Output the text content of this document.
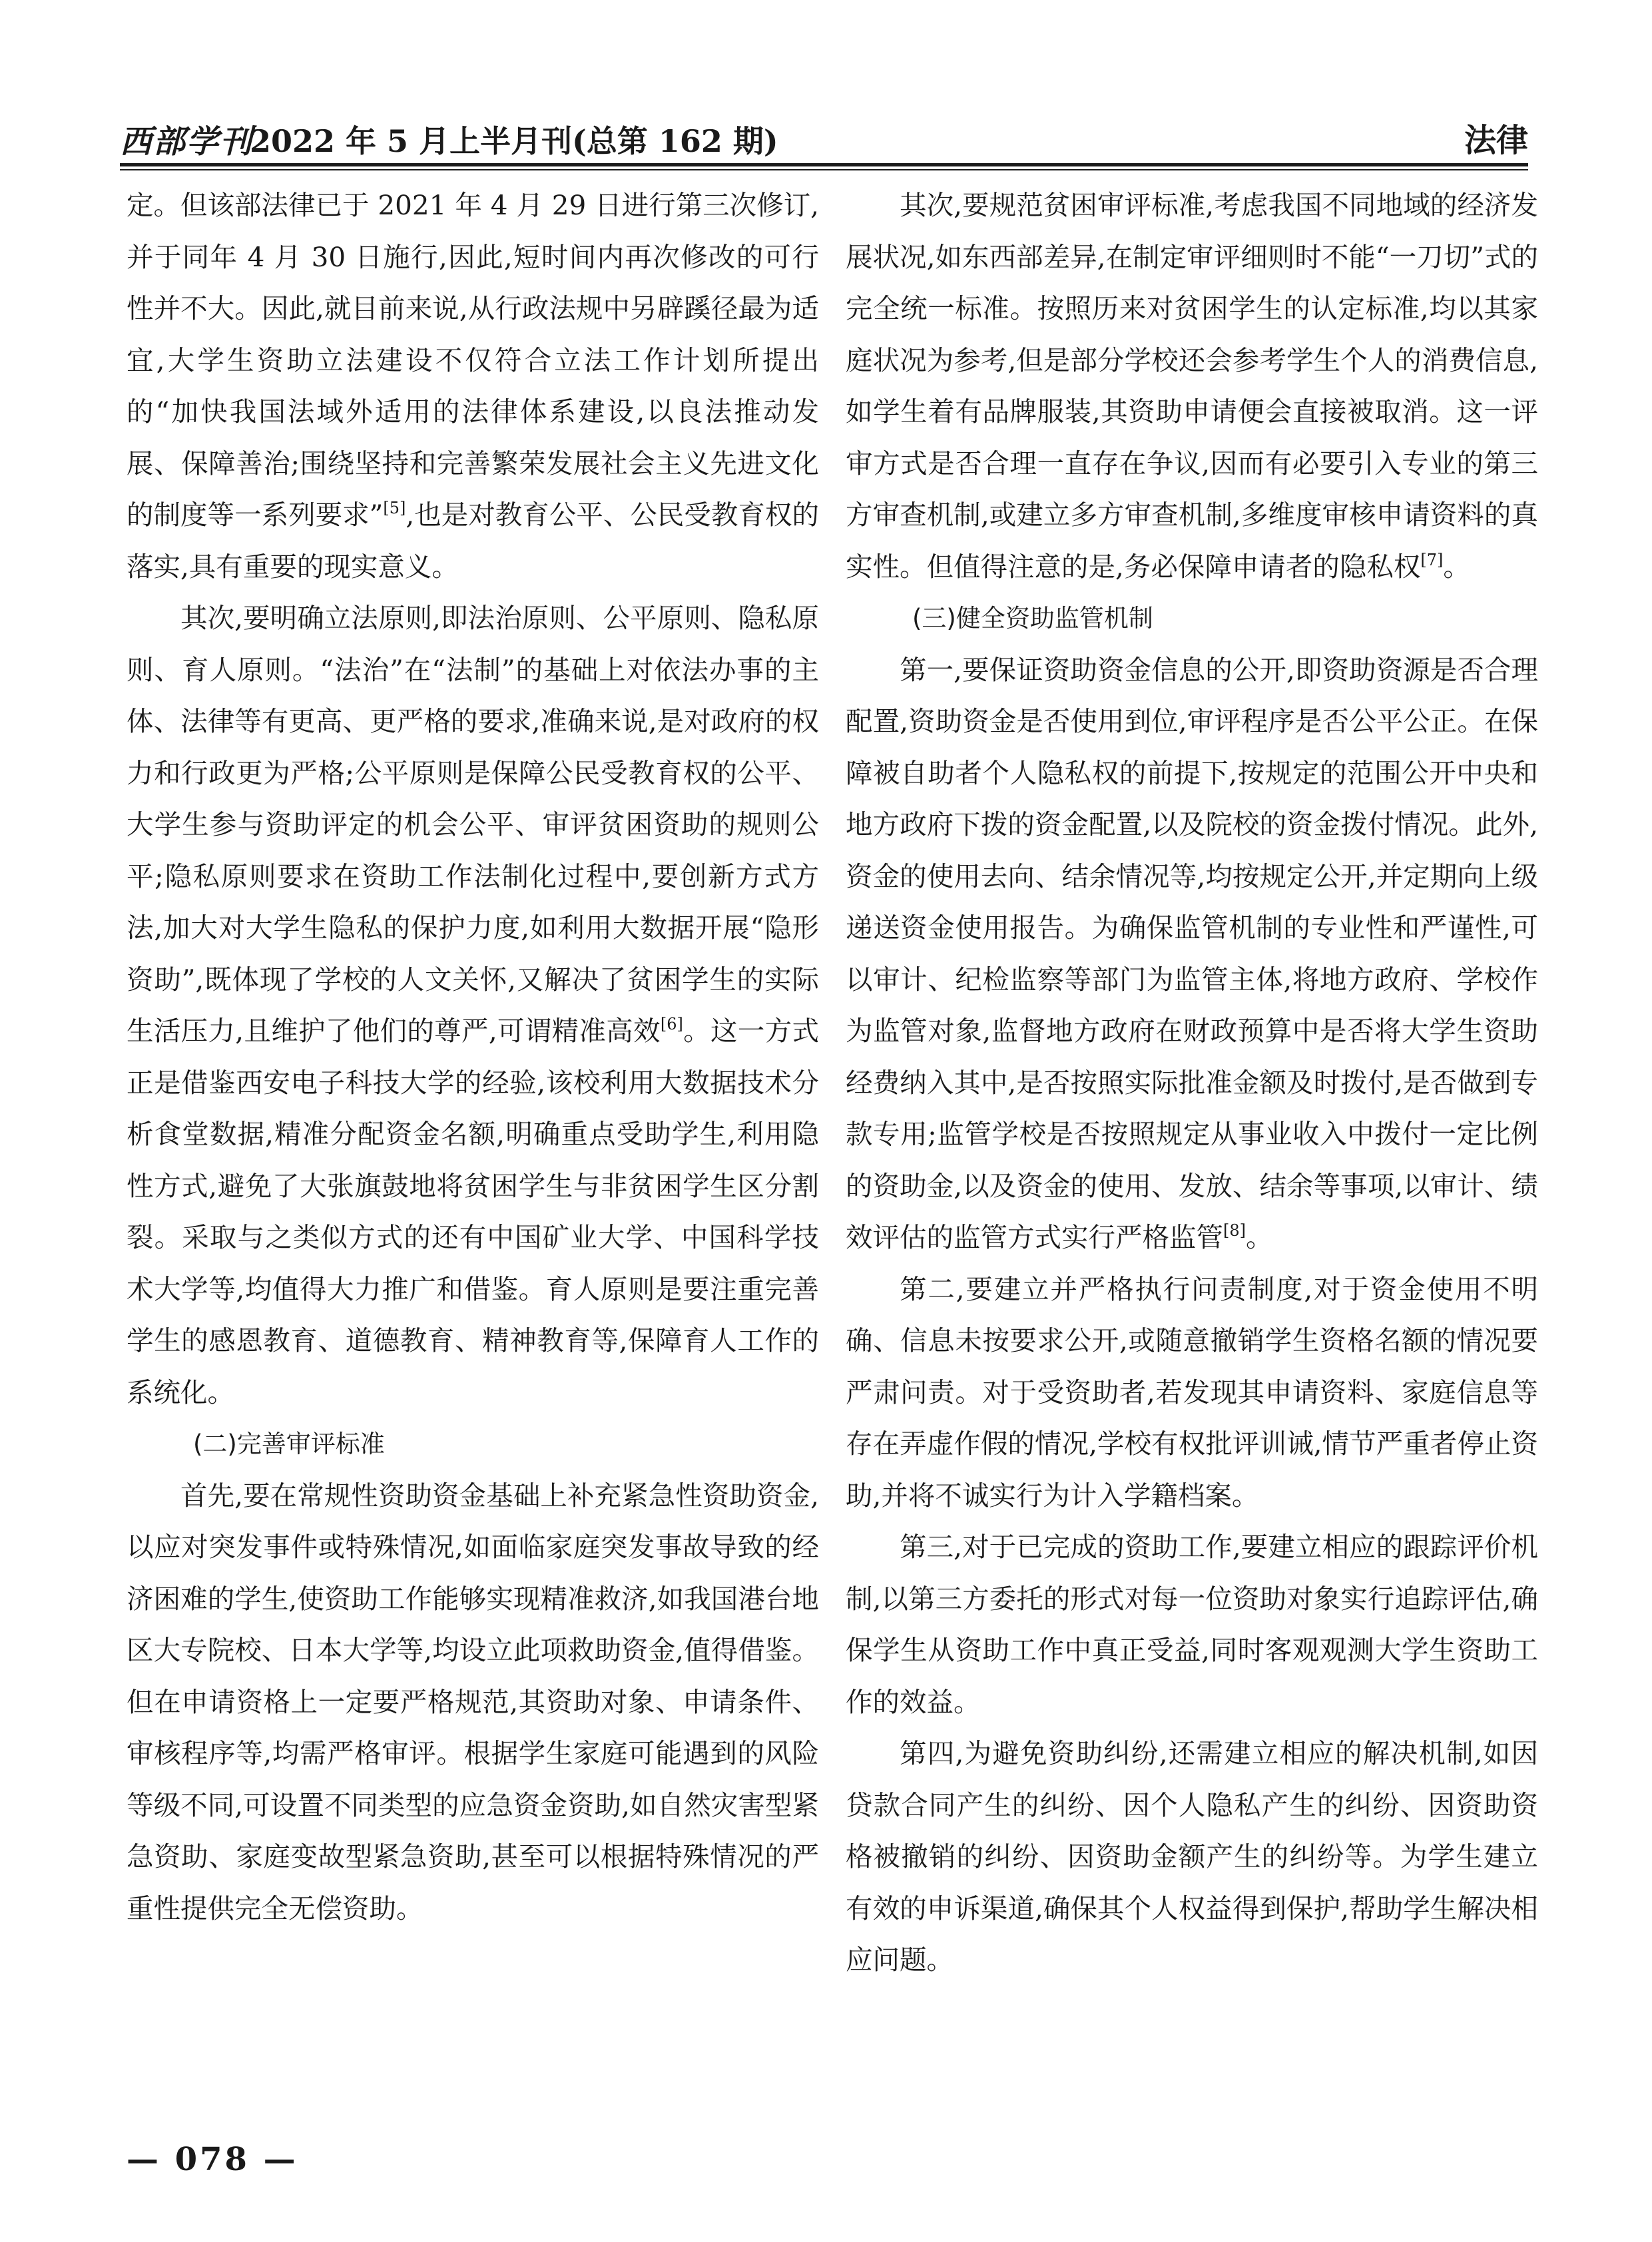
西部学刊
2022 年 5 月上半月刊(总第 162 期)	法律

定。但该部法律已于 2021 年 4 月 29 日进行第三次修订,并于同年 4 月 30 日施行,因此,短时间内再次修改的可行性并不大。因此,就目前来说,从行政法规中另辟蹊径最为适宜,大学生资助立法建设不仅符合立法工作计划所提出的“加快我国法域外适用的法律体系建设,以良法推动发展、保障善治;围绕坚持和完善繁荣发展社会主义先进文化的制度等一系列要求”[5],也是对教育公平、公民受教育权的落实,具有重要的现实意义。

其次,要明确立法原则,即法治原则、公平原则、隐私原则、育人原则。“法治”在“法制”的基础上对依法办事的主体、法律等有更高、更严格的要求,准确来说,是对政府的权力和行政更为严格;公平原则是保障公民受教育权的公平、大学生参与资助评定的机会公平、审评贫困资助的规则公平;隐私原则要求在资助工作法制化过程中,要创新方式方法,加大对大学生隐私的保护力度,如利用大数据开展“隐形资助”,既体现了学校的人文关怀,又解决了贫困学生的实际生活压力,且维护了他们的尊严,可谓精准高效[6]。这一方式正是借鉴西安电子科技大学的经验,该校利用大数据技术分析食堂数据,精准分配资金名额,明确重点受助学生,利用隐性方式,避免了大张旗鼓地将贫困学生与非贫困学生区分割裂。采取与之类似方式的还有中国矿业大学、中国科学技术大学等,均值得大力推广和借鉴。育人原则是要注重完善学生的感恩教育、道德教育、精神教育等,保障育人工作的系统化。

(二)完善审评标准

首先,要在常规性资助资金基础上补充紧急性资助资金,以应对突发事件或特殊情况,如面临家庭突发事故导致的经济困难的学生,使资助工作能够实现精准救济,如我国港台地区大专院校、日本大学等,均设立此项救助资金,值得借鉴。但在申请资格上一定要严格规范,其资助对象、申请条件、审核程序等,均需严格审评。根据学生家庭可能遇到的风险等级不同,可设置不同类型的应急资金资助,如自然灾害型紧急资助、家庭变故型紧急资助,甚至可以根据特殊情况的严重性提供完全无偿资助。

其次,要规范贫困审评标准,考虑我国不同地域的经济发展状况,如东西部差异,在制定审评细则时不能“一刀切”式的完全统一标准。按照历来对贫困学生的认定标准,均以其家庭状况为参考,但是部分学校还会参考学生个人的消费信息,如学生着有品牌服装,其资助申请便会直接被取消。这一评审方式是否合理一直存在争议,因而有必要引入专业的第三方审查机制,或建立多方审查机制,多维度审核申请资料的真实性。但值得注意的是,务必保障申请者的隐私权[7]。

(三)健全资助监管机制

第一,要保证资助资金信息的公开,即资助资源是否合理配置,资助资金是否使用到位,审评程序是否公平公正。在保障被自助者个人隐私权的前提下,按规定的范围公开中央和地方政府下拨的资金配置,以及院校的资金拨付情况。此外,资金的使用去向、结余情况等,均按规定公开,并定期向上级递送资金使用报告。为确保监管机制的专业性和严谨性,可以审计、纪检监察等部门为监管主体,将地方政府、学校作为监管对象,监督地方政府在财政预算中是否将大学生资助经费纳入其中,是否按照实际批准金额及时拨付,是否做到专款专用;监管学校是否按照规定从事业收入中拨付一定比例的资助金,以及资金的使用、发放、结余等事项,以审计、绩效评估的监管方式实行严格监管[8]。

第二,要建立并严格执行问责制度,对于资金使用不明确、信息未按要求公开,或随意撤销学生资格名额的情况要严肃问责。对于受资助者,若发现其申请资料、家庭信息等存在弄虚作假的情况,学校有权批评训诫,情节严重者停止资助,并将不诚实行为计入学籍档案。

第三,对于已完成的资助工作,要建立相应的跟踪评价机制,以第三方委托的形式对每一位资助对象实行追踪评估,确保学生从资助工作中真正受益,同时客观观测大学生资助工作的效益。

第四,为避免资助纠纷,还需建立相应的解决机制,如因贷款合同产生的纠纷、因个人隐私产生的纠纷、因资助资格被撤销的纠纷、因资助金额产生的纠纷等。为学生建立有效的申诉渠道,确保其个人权益得到保护,帮助学生解决相应问题。

— 078 —
